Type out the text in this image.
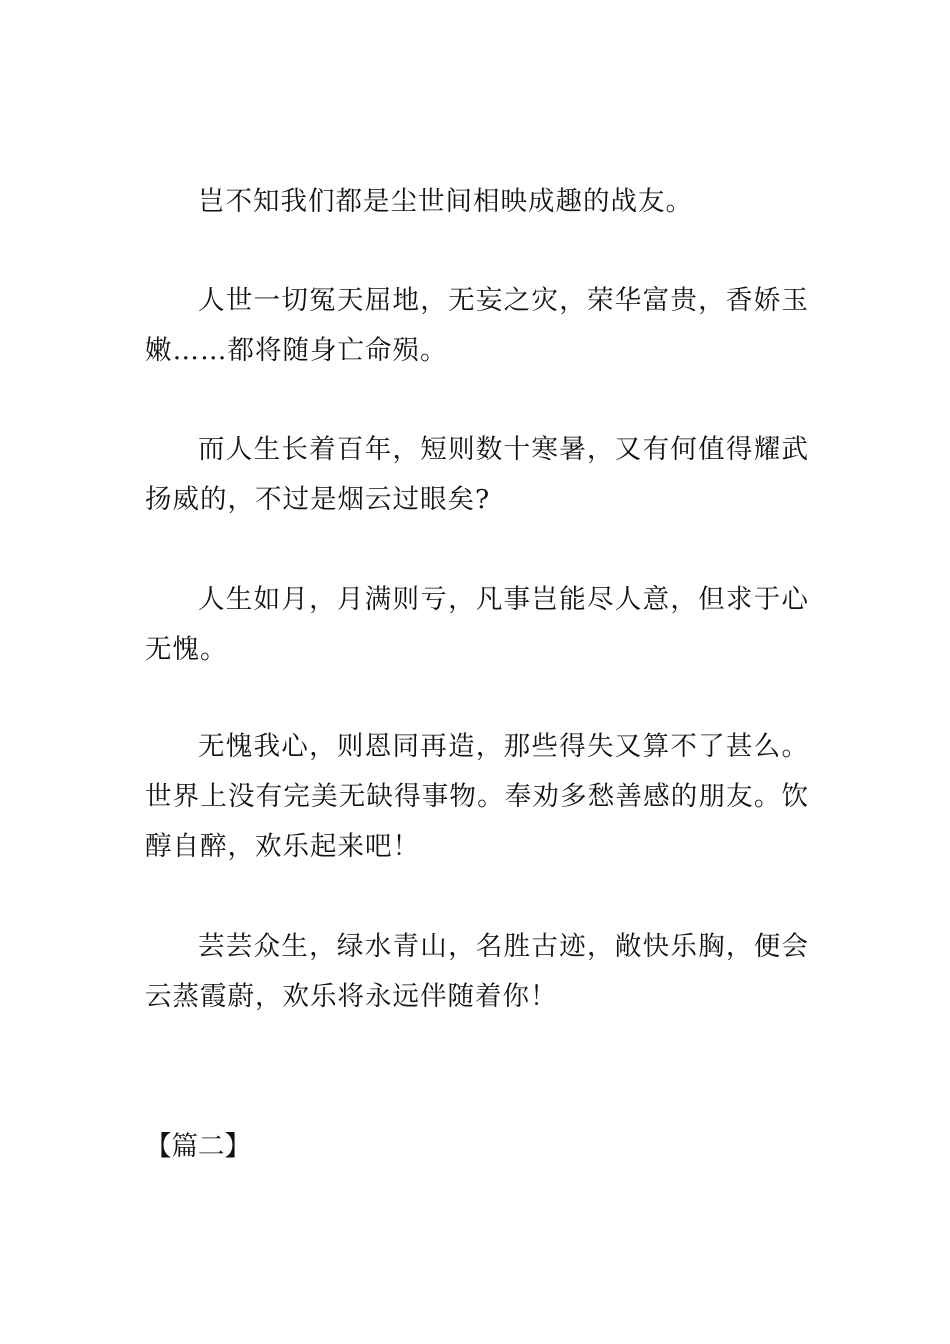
岂不知我们都是尘世间相映成趣的战友。

人世一切冤天屈地，无妄之灾，荣华富贵，香娇玉嫩……都将随身亡命殒。

而人生长着百年，短则数十寒暑，又有何值得耀武扬威的，不过是烟云过眼矣?

人生如月，月满则亏，凡事岂能尽人意，但求于心无愧。

无愧我心，则恩同再造，那些得失又算不了甚么。世界上没有完美无缺得事物。奉劝多愁善感的朋友。饮醇自醉，欢乐起来吧！

芸芸众生，绿水青山，名胜古迹，敞快乐胸，便会云蒸霞蔚，欢乐将永远伴随着你！

【篇二】
